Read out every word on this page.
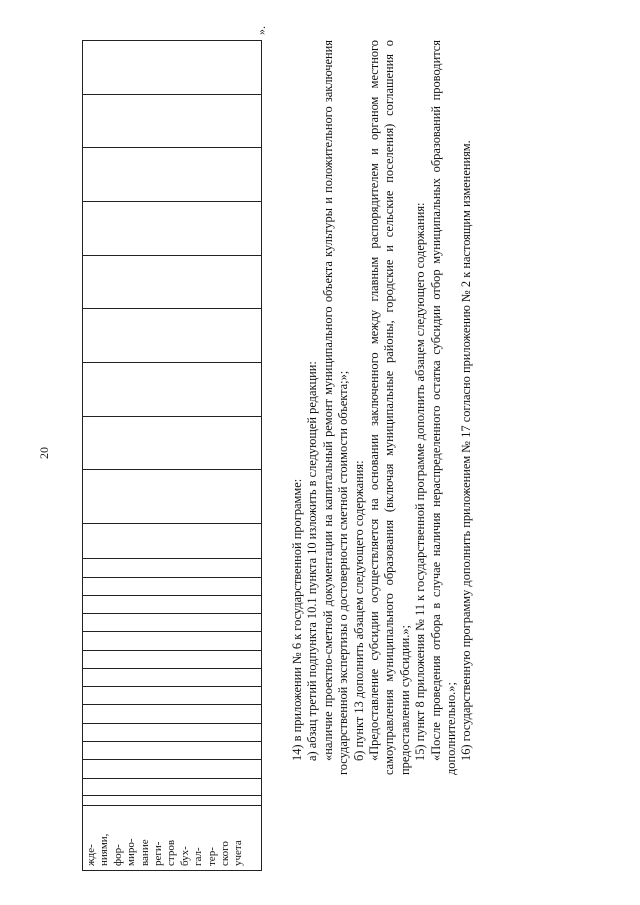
20
жде- ниями, фор- миро- вание реги- стров бух- гал- тер- ского учета

».

14) в приложении № 6 к государственной программе: а) абзац третий подпункта 10.1 пункта 10 изложить в следующей редакции: «наличие проектно-сметной документации на капитальный ремонт муниципального объекта культуры и положительного заключения государственной экспертизы о достоверности сметной стоимости объекта;»; б) пункт 13 дополнить абзацем следующего содержания: «Предоставление субсидии осуществляется на основании заключенного между главным распорядителем и органом местного самоуправления муниципального образования (включая муниципальные районы, городские и сельские поселения) соглашения о предоставлении субсидии.»; 15) пункт 8 приложения № 11 к государственной программе дополнить абзацем следующего содержания: «После проведения отбора в случае наличия нераспределенного остатка субсидии отбор муниципальных образований проводится дополнительно.»; 16) государственную программу дополнить приложением № 17 согласно приложению № 2 к настоящим изменениям.
